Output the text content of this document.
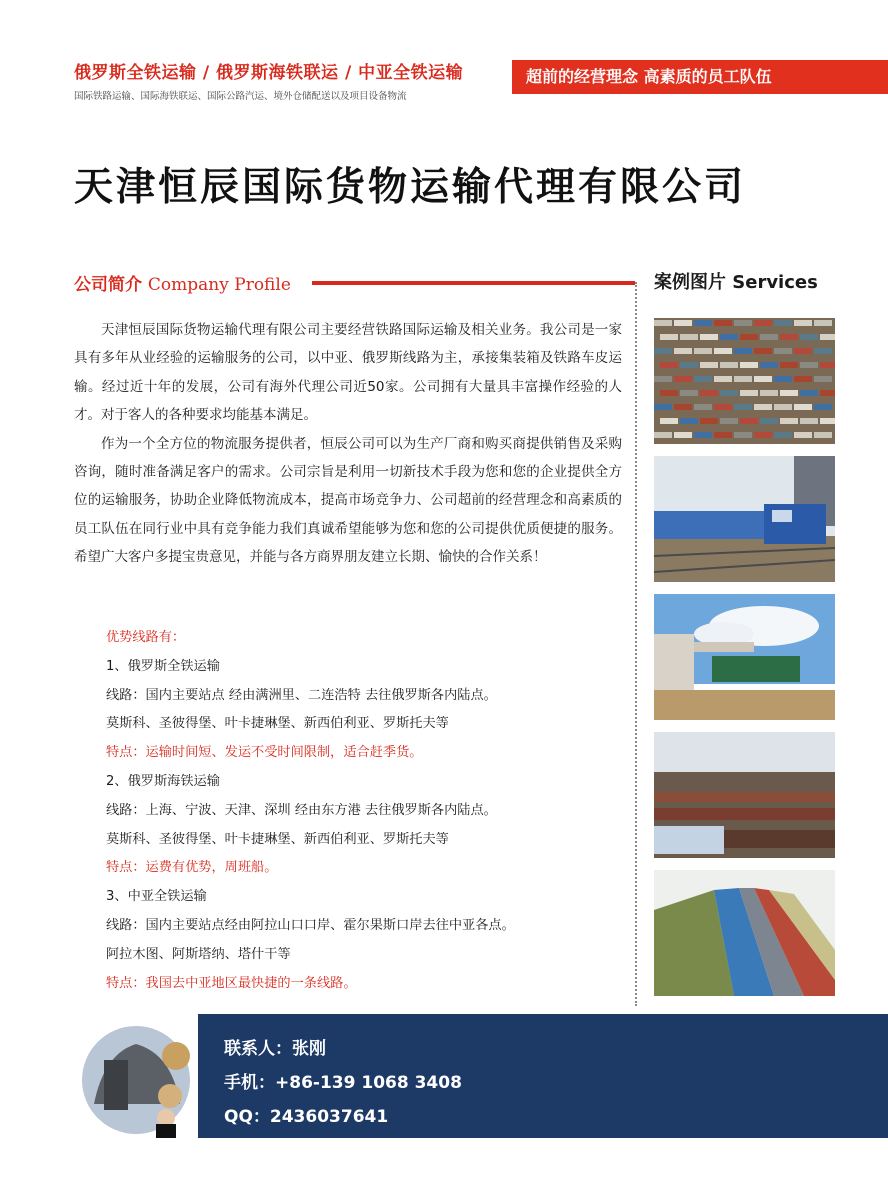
俄罗斯全铁运输 / 俄罗斯海铁联运 / 中亚全铁运输
国际铁路运输、国际海铁联运、国际公路汽运、境外仓储配送以及项目设备物流
超前的经营理念 高素质的员工队伍
天津恒辰国际货物运输代理有限公司
公司简介 Company Profile	案例图片 Services

天津恒辰国际货物运输代理有限公司主要经营铁路国际运输及相关业务。我公司是一家具有多年从业经验的运输服务的公司，以中亚、俄罗斯线路为主，承接集装箱及铁路车皮运输。经过近十年的发展，公司有海外代理公司近50家。公司拥有大量具丰富操作经验的人才。对于客人的各种要求均能基本满足。

作为一个全方位的物流服务提供者，恒辰公司可以为生产厂商和购买商提供销售及采购咨询，随时准备满足客户的需求。公司宗旨是利用一切新技术手段为您和您的企业提供全方位的运输服务，协助企业降低物流成本，提高市场竞争力、公司超前的经营理念和高素质的员工队伍在同行业中具有竞争能力我们真诚希望能够为您和您的公司提供优质便捷的服务。希望广大客户多提宝贵意见，并能与各方商界朋友建立长期、愉快的合作关系！

优势线路有：
1、俄罗斯全铁运输
线路：国内主要站点 经由满洲里、二连浩特 去往俄罗斯各内陆点。
莫斯科、圣彼得堡、叶卡捷琳堡、新西伯利亚、罗斯托夫等
特点：运输时间短、发运不受时间限制，适合赶季货。
2、俄罗斯海铁运输
线路：上海、宁波、天津、深圳 经由东方港 去往俄罗斯各内陆点。
莫斯科、圣彼得堡、叶卡捷琳堡、新西伯利亚、罗斯托夫等
特点：运费有优势，周班船。
3、中亚全铁运输
线路：国内主要站点经由阿拉山口口岸、霍尔果斯口岸去往中亚各点。
阿拉木图、阿斯塔纳、塔什干等
特点：我国去中亚地区最快捷的一条线路。
联系人：张刚
手机：+86-139 1068 3408
QQ：2436037641
